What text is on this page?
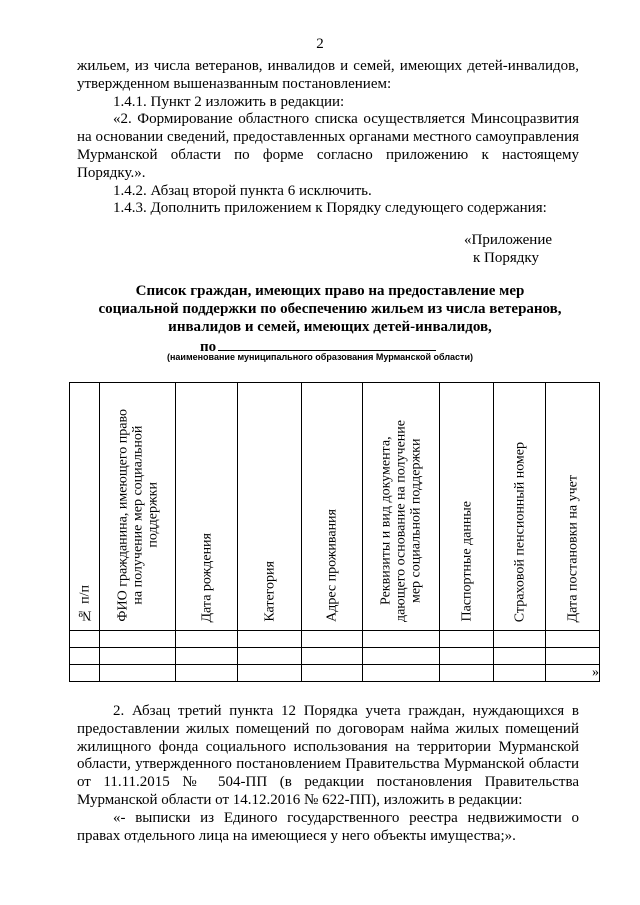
2

жильем, из числа ветеранов, инвалидов и семей, имеющих детей-инвалидов,

утвержденном вышеназванным постановлением:

1.4.1. Пункт 2 изложить в редакции:

«2. Формирование областного списка осуществляется Минсоцразвития

на основании сведений, предоставленных органами местного самоуправления

Мурманской области по форме согласно приложению к настоящему

Порядку.».

1.4.2. Абзац второй пункта 6 исключить.

1.4.3. Дополнить приложением к Порядку следующего содержания:

«Приложение
к Порядку
Список граждан, имеющих право на предоставление мер
социальной поддержки по обеспечению жильем из числа ветеранов,
инвалидов и семей, имеющих детей-инвалидов,
по
(наименование муниципального образования Мурманской области)
№ п/п	ФИО гражданина, имеющего право
на получение мер социальной
поддержки	Дата рождения	Категория	Адрес проживания	Реквизиты и вид документа,
дающего основание на получение
мер социальной поддержки	Паспортные данные	Страховой пенсионный номер	Дата постановки на учет

								»

2. Абзац третий пункта 12 Порядка учета граждан, нуждающихся в

предоставлении жилых помещений по договорам найма жилых помещений

жилищного фонда социального использования на территории Мурманской

области, утвержденного постановлением Правительства Мурманской области

от 11.11.2015 № 504-ПП (в редакции постановления Правительства

Мурманской области от 14.12.2016 № 622-ПП), изложить в редакции:

«- выписки из Единого государственного реестра недвижимости о

правах отдельного лица на имеющиеся у него объекты имущества;».
